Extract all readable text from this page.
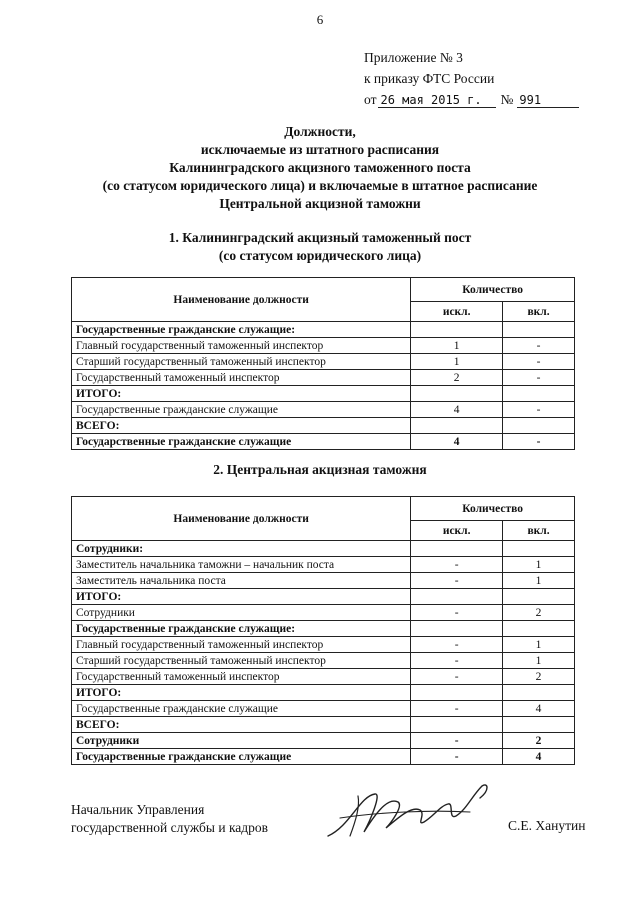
6
Приложение № 3
к приказу ФТС России
от 26 мая 2015 г.	№ 991
Должности,
исключаемые из штатного расписания
Калининградского акцизного таможенного поста
(со статусом юридического лица) и включаемые в штатное расписание
Центральной акцизной таможни
1. Калининградский акцизный таможенный пост
(со статусом юридического лица)
Наименование должности	Количество	
	искл.	вкл.
Государственные гражданские служащие:		
Главный государственный таможенный инспектор	1	-
Старший государственный таможенный инспектор	1	-
Государственный таможенный инспектор	2	-
ИТОГО:		
Государственные гражданские служащие	4	-
ВСЕГО:		
Государственные гражданские служащие	4	-
2. Центральная акцизная таможня
Наименование должности	Количество	
	искл.	вкл.
Сотрудники:		
Заместитель начальника таможни – начальник поста	-	1
Заместитель начальника поста	-	1
ИТОГО:		
Сотрудники	-	2
Государственные гражданские служащие:		
Главный государственный таможенный инспектор	-	1
Старший государственный таможенный инспектор	-	1
Государственный таможенный инспектор	-	2
ИТОГО:		
Государственные гражданские служащие	-	4
ВСЕГО:		
Сотрудники	-	2
Государственные гражданские служащие	-	4
Начальник Управления
государственной службы и кадров	С.Е. Ханутин
